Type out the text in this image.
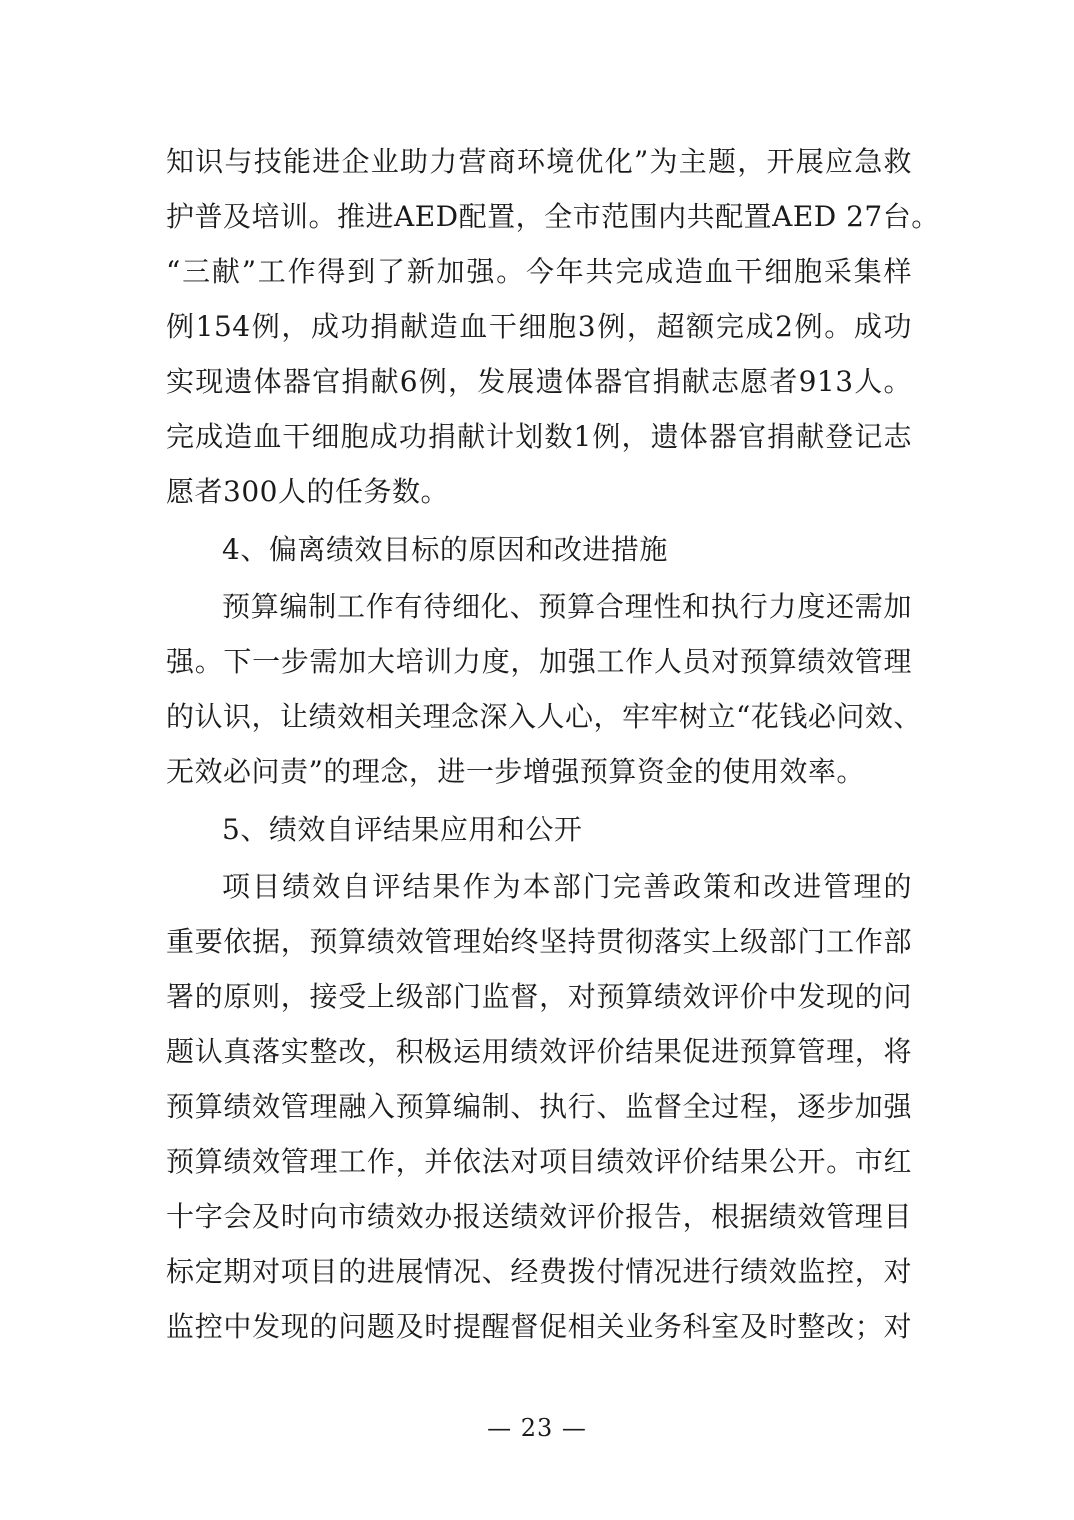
知识与技能进企业助力营商环境优化”为主题，开展应急救
护普及培训。推进AED配置，全市范围内共配置AED 27台。
“三献”工作得到了新加强。今年共完成造血干细胞采集样
例154例，成功捐献造血干细胞3例，超额完成2例。成功
实现遗体器官捐献6例，发展遗体器官捐献志愿者913人。
完成造血干细胞成功捐献计划数1例，遗体器官捐献登记志
愿者300人的任务数。
4、偏离绩效目标的原因和改进措施
预算编制工作有待细化、预算合理性和执行力度还需加
强。下一步需加大培训力度，加强工作人员对预算绩效管理
的认识，让绩效相关理念深入人心，牢牢树立“花钱必问效、
无效必问责”的理念，进一步增强预算资金的使用效率。
5、绩效自评结果应用和公开
项目绩效自评结果作为本部门完善政策和改进管理的
重要依据，预算绩效管理始终坚持贯彻落实上级部门工作部
署的原则，接受上级部门监督，对预算绩效评价中发现的问
题认真落实整改，积极运用绩效评价结果促进预算管理，将
预算绩效管理融入预算编制、执行、监督全过程，逐步加强
预算绩效管理工作，并依法对项目绩效评价结果公开。市红
十字会及时向市绩效办报送绩效评价报告，根据绩效管理目
标定期对项目的进展情况、经费拨付情况进行绩效监控，对
监控中发现的问题及时提醒督促相关业务科室及时整改；对
— 23 —
